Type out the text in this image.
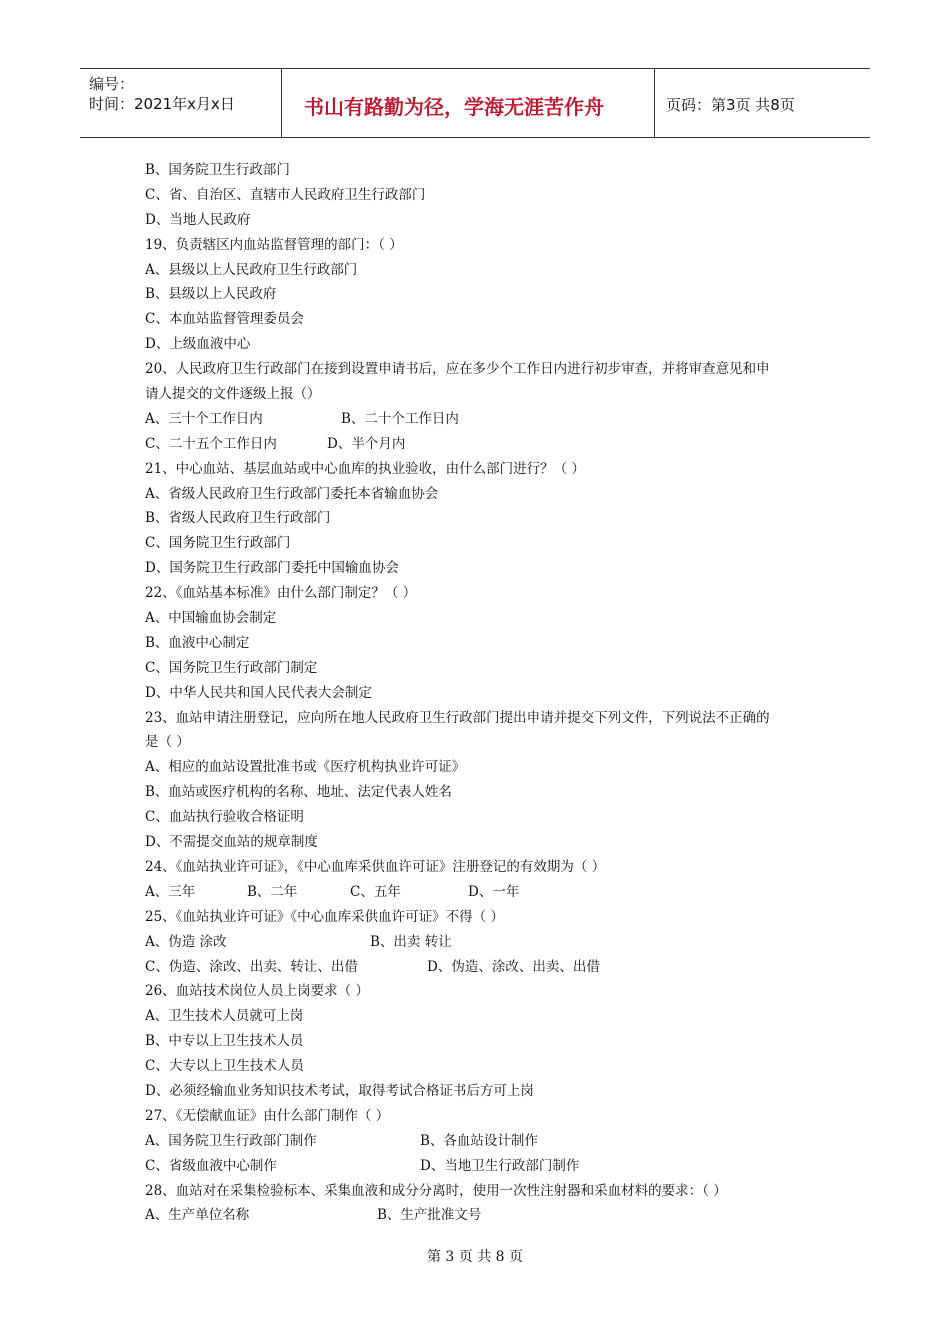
编号：
时间：2021年x月x日	书山有路勤为径，学海无涯苦作舟	页码：第3页 共8页
B、国务院卫生行政部门
C、省、自治区、直辖市人民政府卫生行政部门
D、当地人民政府
19、负责辖区内血站监督管理的部门：（ ）
A、县级以上人民政府卫生行政部门
B、县级以上人民政府
C、本血站监督管理委员会
D、上级血液中心
20、人民政府卫生行政部门在接到设置申请书后，应在多少个工作日内进行初步审查，并将审查意见和申
请人提交的文件逐级上报（）
A、三十个工作日内	B、二十个工作日内
C、二十五个工作日内	D、半个月内
21、中心血站、基层血站或中心血库的执业验收，由什么部门进行？（ ）
A、省级人民政府卫生行政部门委托本省输血协会
B、省级人民政府卫生行政部门
C、国务院卫生行政部门
D、国务院卫生行政部门委托中国输血协会
22、《血站基本标准》由什么部门制定？（ ）
A、中国输血协会制定
B、血液中心制定
C、国务院卫生行政部门制定
D、中华人民共和国人民代表大会制定
23、血站申请注册登记，应向所在地人民政府卫生行政部门提出申请并提交下列文件，下列说法不正确的
是（ ）
A、相应的血站设置批准书或《医疗机构执业许可证》
B、血站或医疗机构的名称、地址、法定代表人姓名
C、血站执行验收合格证明
D、不需提交血站的规章制度
24、《血站执业许可证》，《中心血库采供血许可证》注册登记的有效期为（ ）
A、三年	B、二年	C、五年	D、一年
25、《血站执业许可证》《中心血库采供血许可证》不得（ ）
A、伪造 涂改	B、出卖 转让
C、伪造、涂改、出卖、转让、出借	D、伪造、涂改、出卖、出借
26、血站技术岗位人员上岗要求（ ）
A、卫生技术人员就可上岗
B、中专以上卫生技术人员
C、大专以上卫生技术人员
D、必须经输血业务知识技术考试，取得考试合格证书后方可上岗
27、《无偿献血证》由什么部门制作（ ）
A、国务院卫生行政部门制作	B、各血站设计制作
C、省级血液中心制作	D、当地卫生行政部门制作
28、血站对在采集检验标本、采集血液和成分分离时，使用一次性注射器和采血材料的要求：（ ）
A、生产单位名称	B、生产批准文号
第 3 页 共 8 页
